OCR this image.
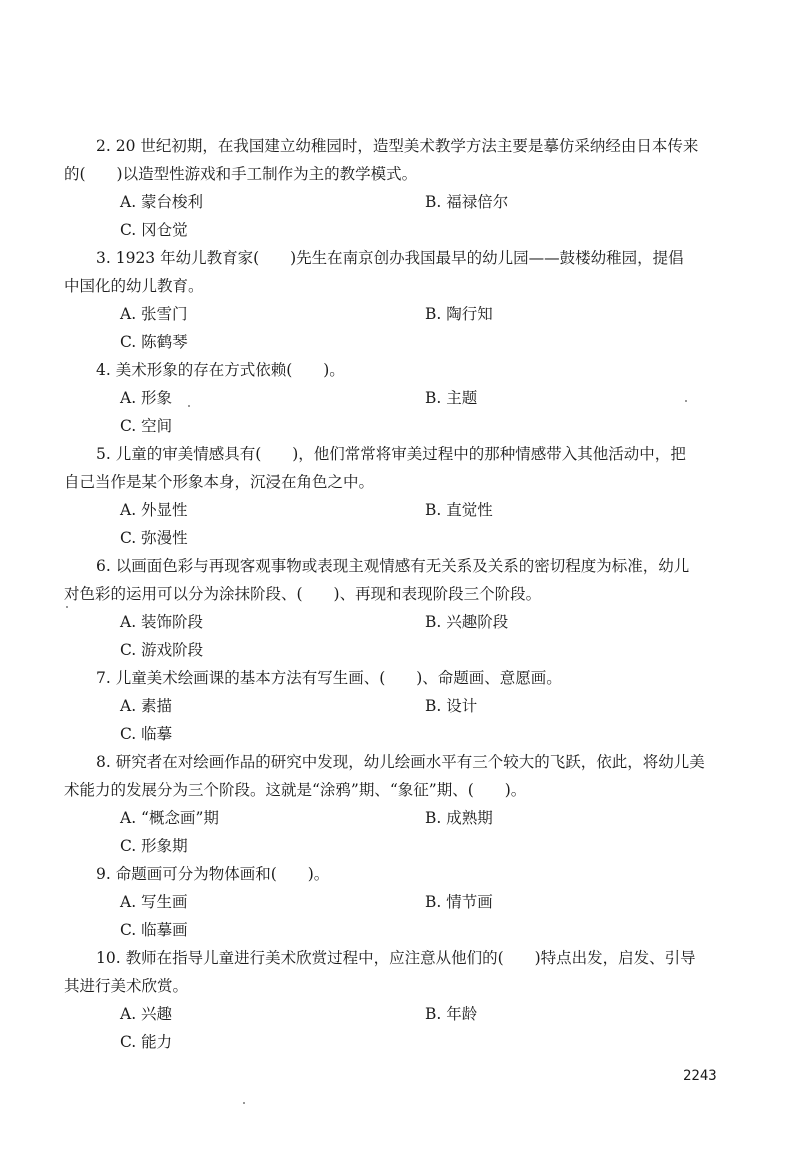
2. 20 世纪初期，在我国建立幼稚园时，造型美术教学方法主要是摹仿采纳经由日本传来
的(　　)以造型性游戏和手工制作为主的教学模式。
A. 蒙台梭利	B. 福禄倍尔
C. 冈仓觉
3. 1923 年幼儿教育家(　　)先生在南京创办我国最早的幼儿园——鼓楼幼稚园，提倡
中国化的幼儿教育。
A. 张雪门	B. 陶行知
C. 陈鹤琴
4. 美术形象的存在方式依赖(　　)。
A. 形象	B. 主题
C. 空间
5. 儿童的审美情感具有(　　)，他们常常将审美过程中的那种情感带入其他活动中，把
自己当作是某个形象本身，沉浸在角色之中。
A. 外显性	B. 直觉性
C. 弥漫性
6. 以画面色彩与再现客观事物或表现主观情感有无关系及关系的密切程度为标准，幼儿
对色彩的运用可以分为涂抹阶段、(　　)、再现和表现阶段三个阶段。
A. 装饰阶段	B. 兴趣阶段
C. 游戏阶段
7. 儿童美术绘画课的基本方法有写生画、(　　)、命题画、意愿画。
A. 素描	B. 设计
C. 临摹
8. 研究者在对绘画作品的研究中发现，幼儿绘画水平有三个较大的飞跃，依此，将幼儿美
术能力的发展分为三个阶段。这就是“涂鸦”期、“象征”期、(　　)。
A. “概念画”期	B. 成熟期
C. 形象期
9. 命题画可分为物体画和(　　)。
A. 写生画	B. 情节画
C. 临摹画
10. 教师在指导儿童进行美术欣赏过程中，应注意从他们的(　　)特点出发，启发、引导
其进行美术欣赏。
A. 兴趣	B. 年龄
C. 能力
2243
